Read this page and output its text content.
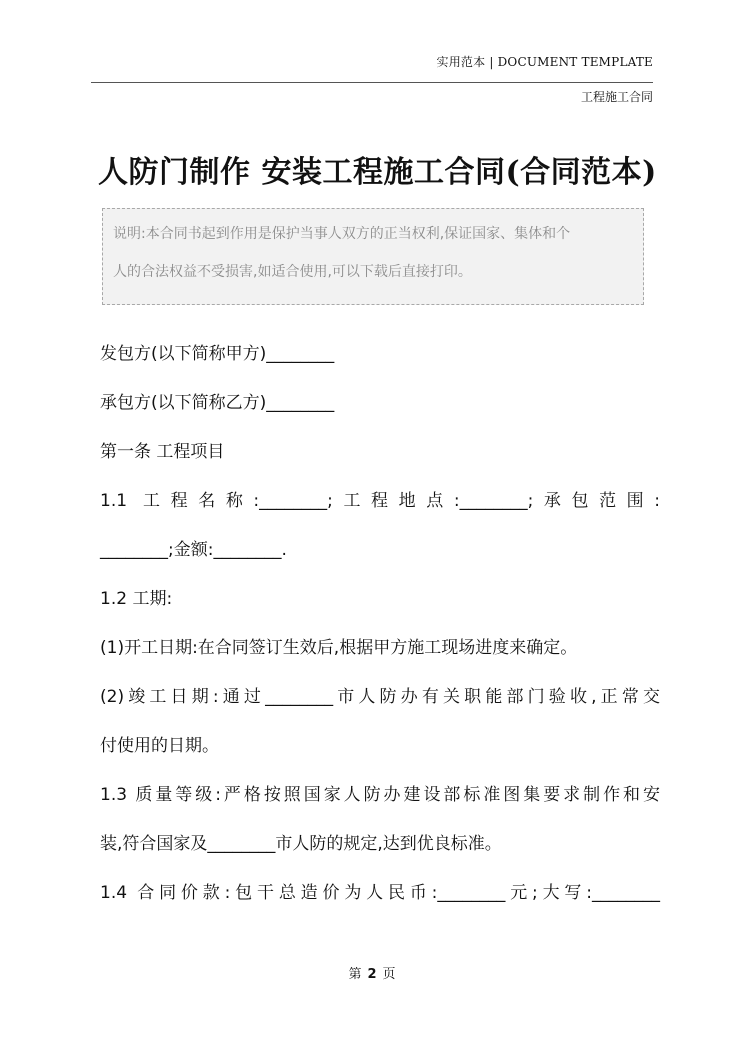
实用范本 | DOCUMENT TEMPLATE
工程施工合同
人防门制作 安装工程施工合同(合同范本)
说明:本合同书起到作用是保护当事人双方的正当权利,保证国家、集体和个
人的合法权益不受损害,如适合使用,可以下载后直接打印。

发包方(以下简称甲方)________

承包方(以下简称乙方)________

第一条 工程项目

1.1 工程名称:________;工程地点:________;承包范围:

________;金额:________.

1.2 工期:

(1)开工日期:在合同签订生效后,根据甲方施工现场进度来确定。

(2)竣工日期:通过________市人防办有关职能部门验收,正常交

付使用的日期。

1.3 质量等级:严格按照国家人防办建设部标准图集要求制作和安

装,符合国家及________市人防的规定,达到优良标准。

1.4 合同价款:包干总造价为人民币:________元;大写:________

第 2 页
